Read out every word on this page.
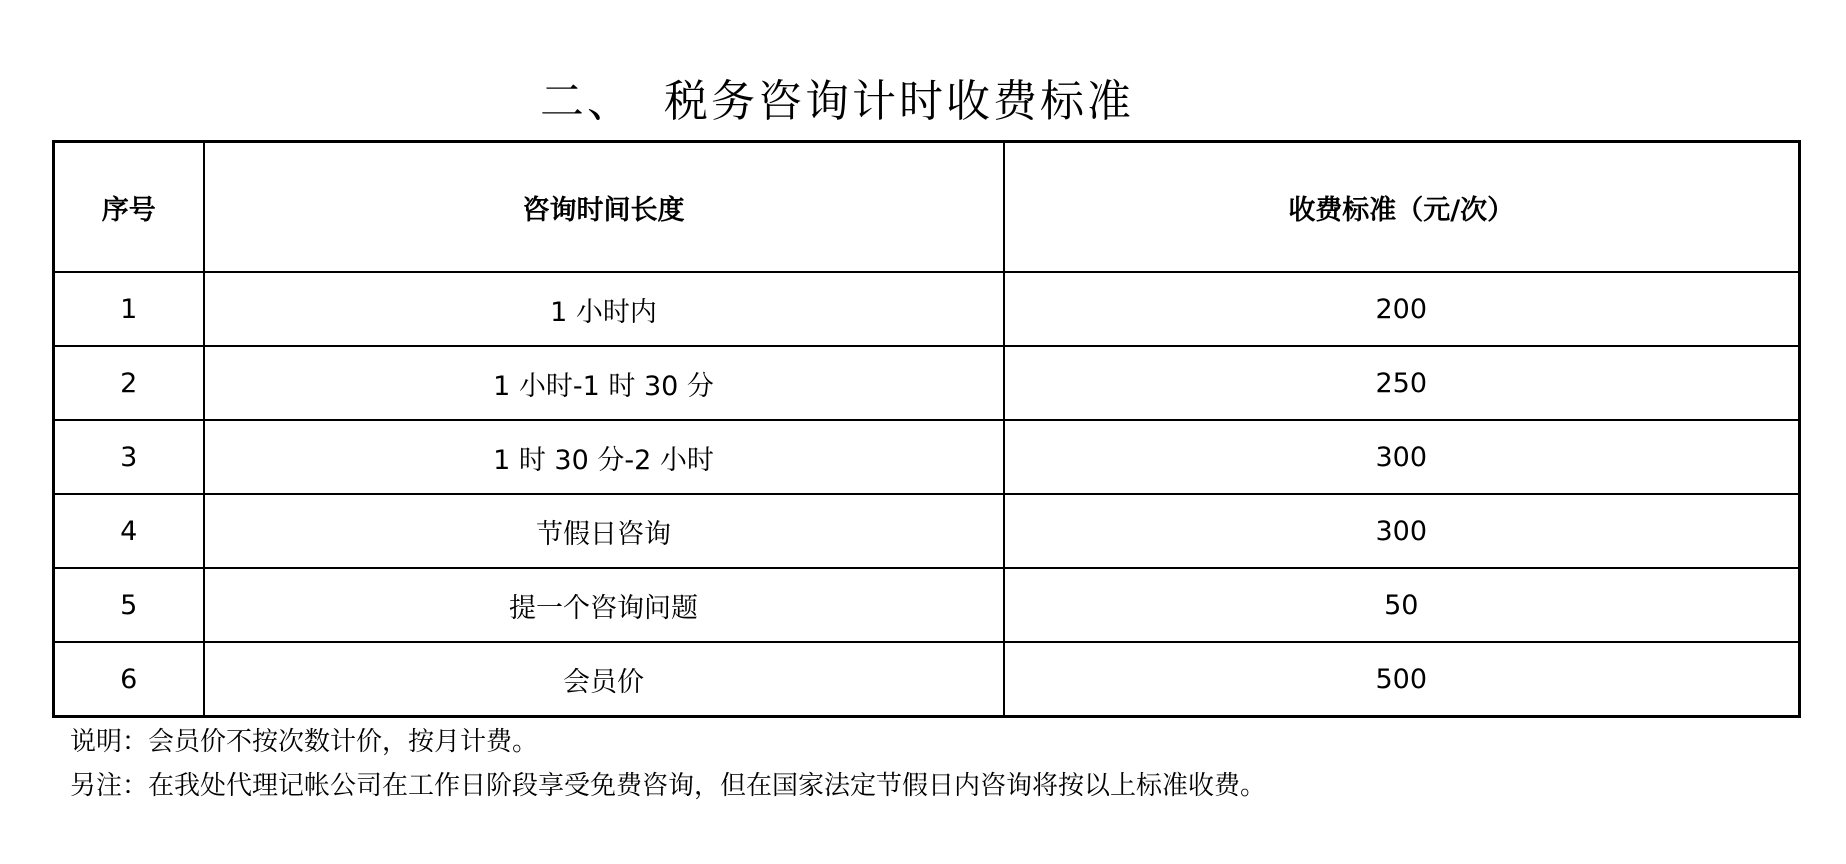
二、 税务咨询计时收费标准
序号	咨询时间长度	收费标准（元/次）
1	1 小时内	200
2	1 小时-1 时 30 分	250
3	1 时 30 分-2 小时	300
4	节假日咨询	300
5	提一个咨询问题	50
6	会员价	500
说明：会员价不按次数计价，按月计费。
另注：在我处代理记帐公司在工作日阶段享受免费咨询，但在国家法定节假日内咨询将按以上标准收费。
